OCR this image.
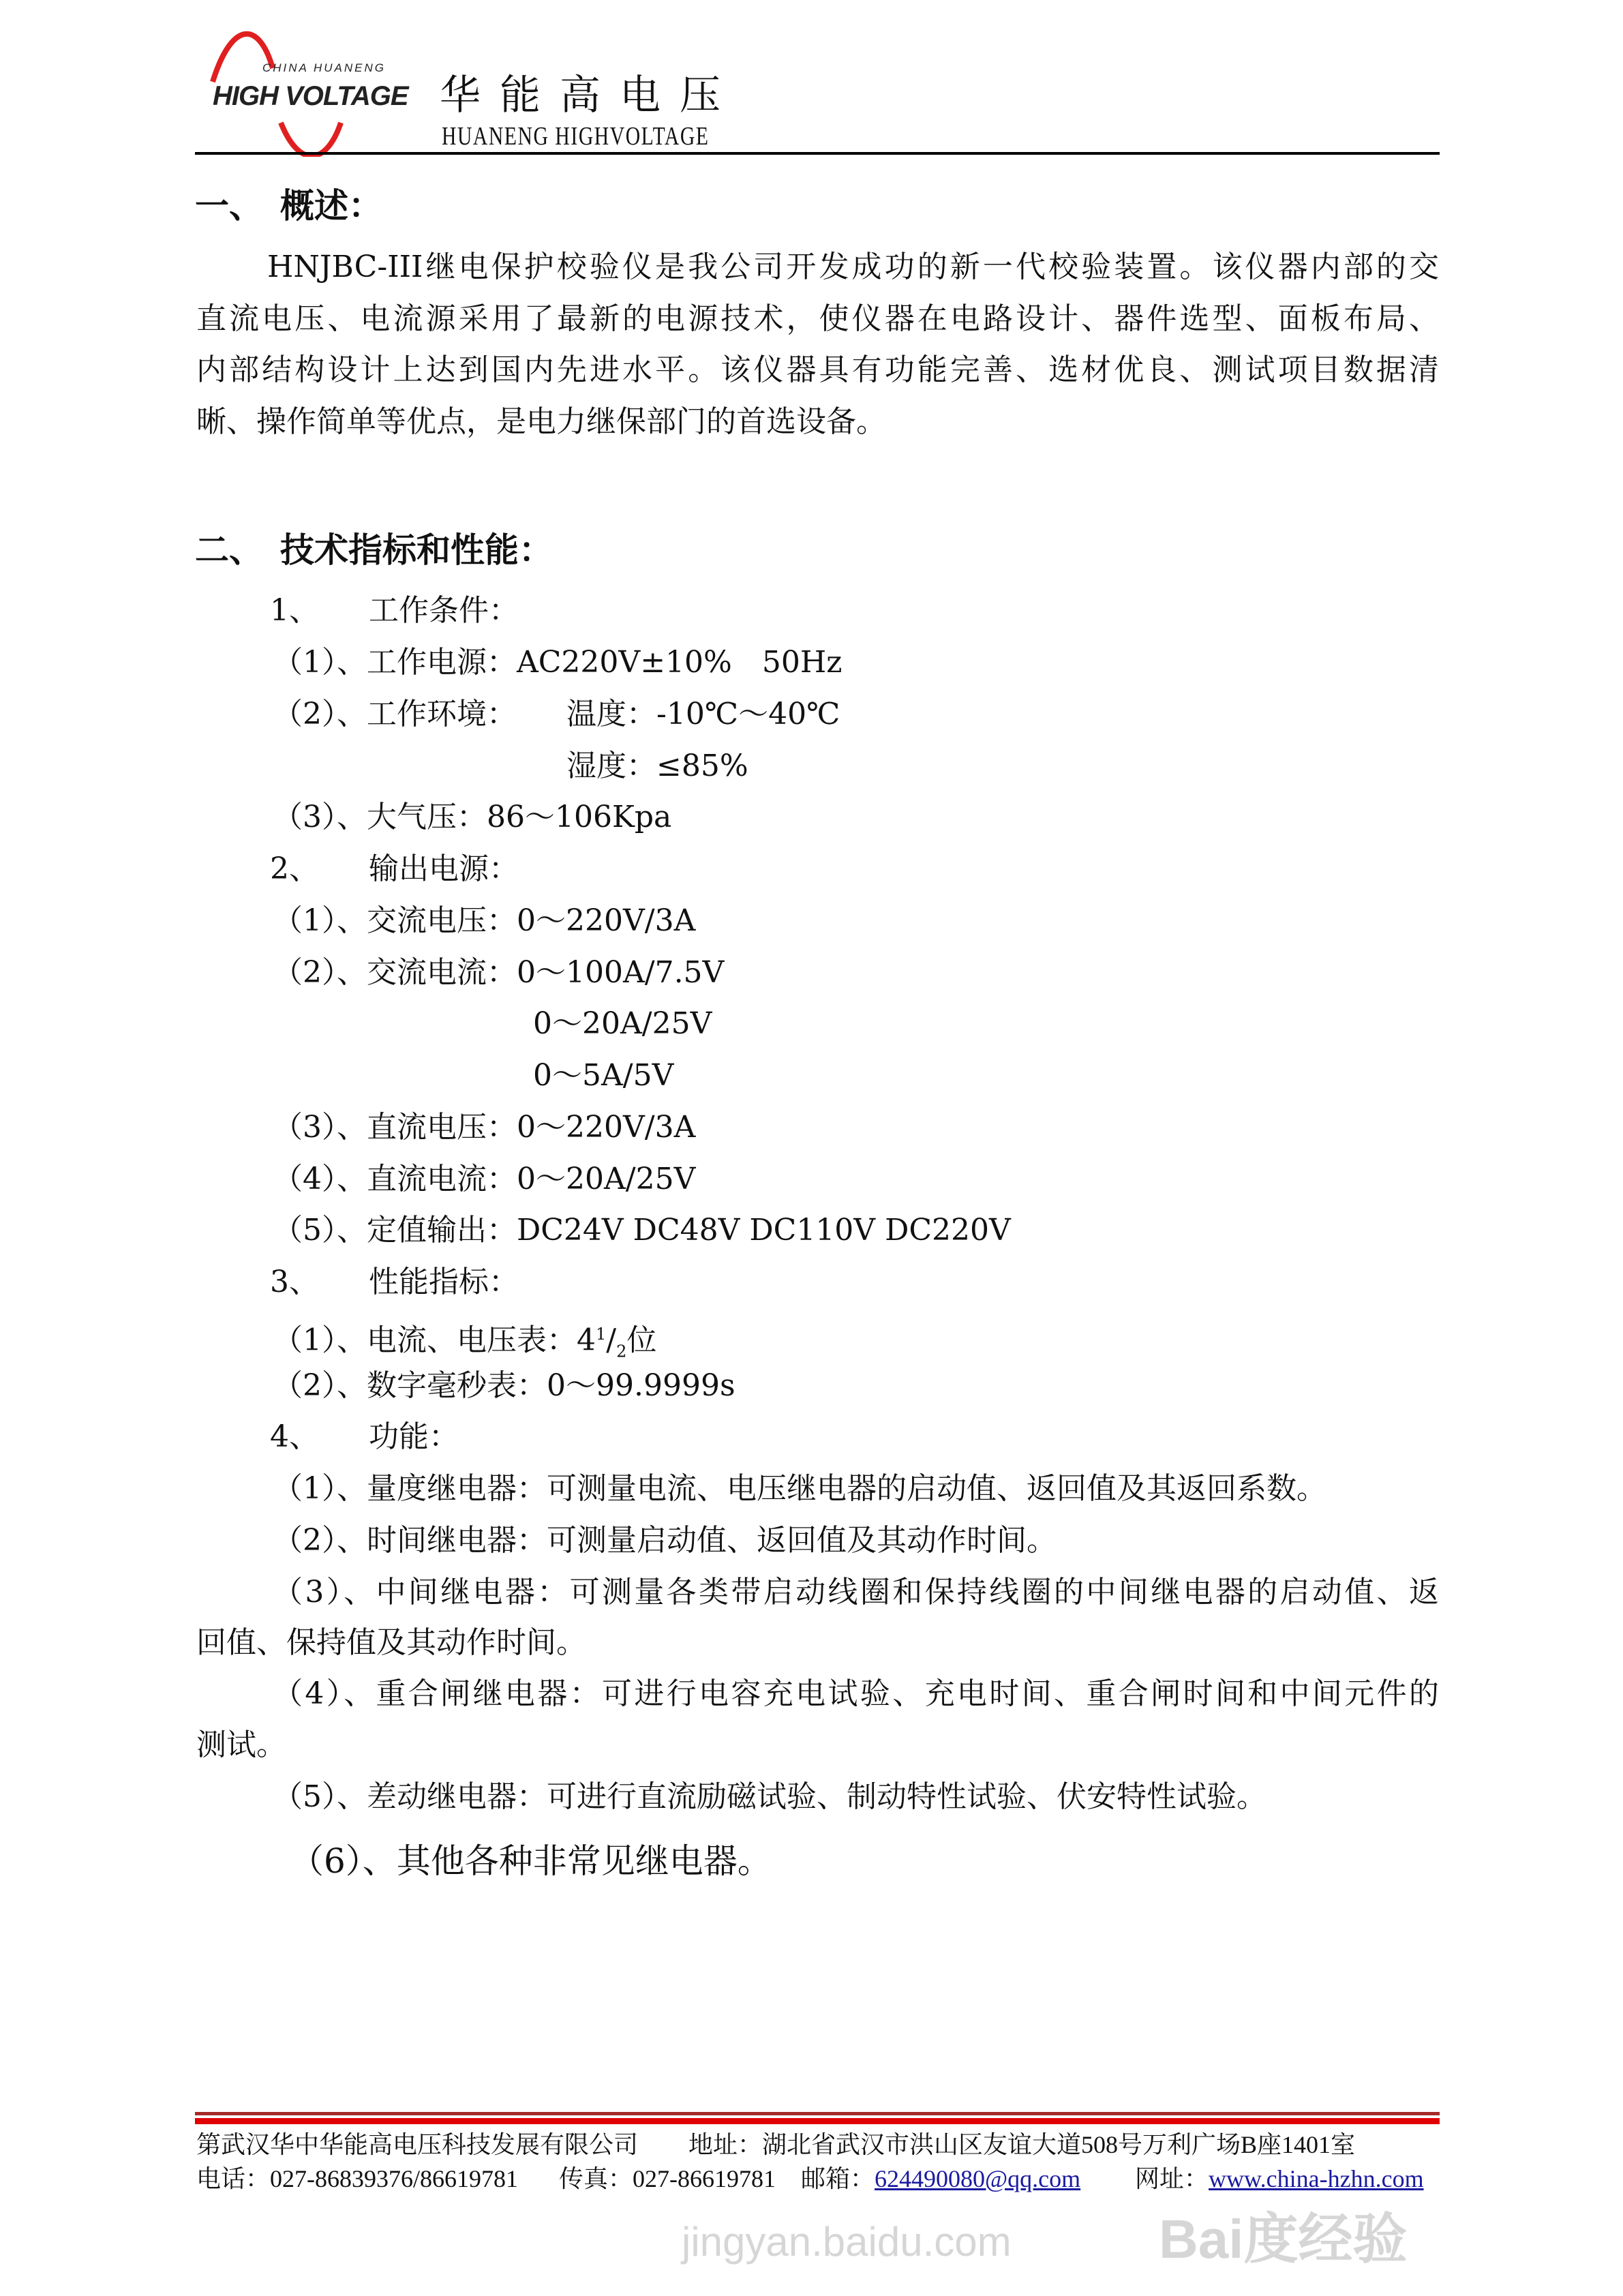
CHINA HUANENG
HIGH VOLTAGE 华能高电压
HUANENG HIGHVOLTAGE
一、　概述：
HNJBC-III继电保护校验仪是我公司开发成功的新一代校验装置。该仪器内部的交
直流电压、电流源采用了最新的电源技术，使仪器在电路设计、器件选型、面板布局、
内部结构设计上达到国内先进水平。该仪器具有功能完善、选材优良、测试项目数据清
晰、操作简单等优点，是电力继保部门的首选设备。
二、　技术指标和性能：
1、 工作条件：
（1）、工作电源：AC220V±10%　50Hz
（2）、工作环境： 温度：-10℃～40℃
湿度：≤85%
（3）、大气压：86～106Kpa
2、 输出电源：
（1）、交流电压：0～220V/3A
（2）、交流电流：0～100A/7.5V
0～20A/25V
0～5A/5V
（3）、直流电压：0～220V/3A
（4）、直流电流：0～20A/25V
（5）、定值输出：DC24V DC48V DC110V DC220V
3、 性能指标：
（1）、电流、电压表：$4^1/_2$位
（2）、数字毫秒表：0～99.9999s
4、 功能：
（1）、量度继电器：可测量电流、电压继电器的启动值、返回值及其返回系数。
（2）、时间继电器：可测量启动值、返回值及其动作时间。
（3）、中间继电器：可测量各类带启动线圈和保持线圈的中间继电器的启动值、返
回值、保持值及其动作时间。
（4）、重合闸继电器：可进行电容充电试验、充电时间、重合闸时间和中间元件的
测试。
（5）、差动继电器：可进行直流励磁试验、制动特性试验、伏安特性试验。
（6）、其他各种非常见继电器。
第武汉华中华能高电压科技发展有限公司 地址：湖北省武汉市洪山区友谊大道508号万利广场B座1401室
电话：027-86839376/86619781 传真：027-86619781 邮箱：624490080@qq.com 网址：www.china-hzhn.com
Bai度经验
jingyan.baidu.com
